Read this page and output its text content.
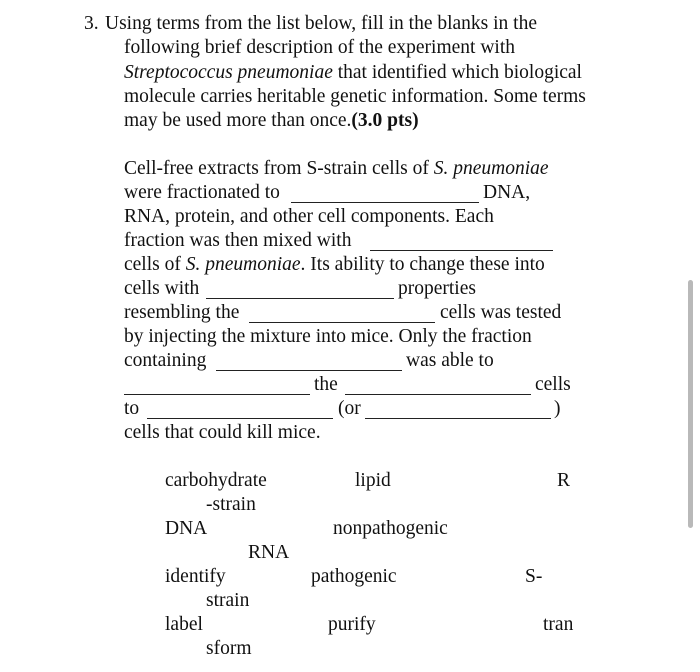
3. Using terms from the list below, fill in the blanks in the
following brief description of the experiment with
Streptococcus pneumoniae that identified which biological
molecule carries heritable genetic information. Some terms
may be used more than once.(3.0 pts)
Cell-free extracts from S-strain cells of S. pneumoniae
were fractionated to	DNA,
RNA, protein, and other cell components. Each
fraction was then mixed with
cells of S. pneumoniae. Its ability to change these into
cells with	properties
resembling the	cells was tested
by injecting the mixture into mice. Only the fraction
containing	was able to
the	cells
to	(or	)
cells that could kill mice.
carbohydrate	lipid	R
-strain
DNA	nonpathogenic
RNA
identify	pathogenic	S-
strain
label	purify	tran
sform
